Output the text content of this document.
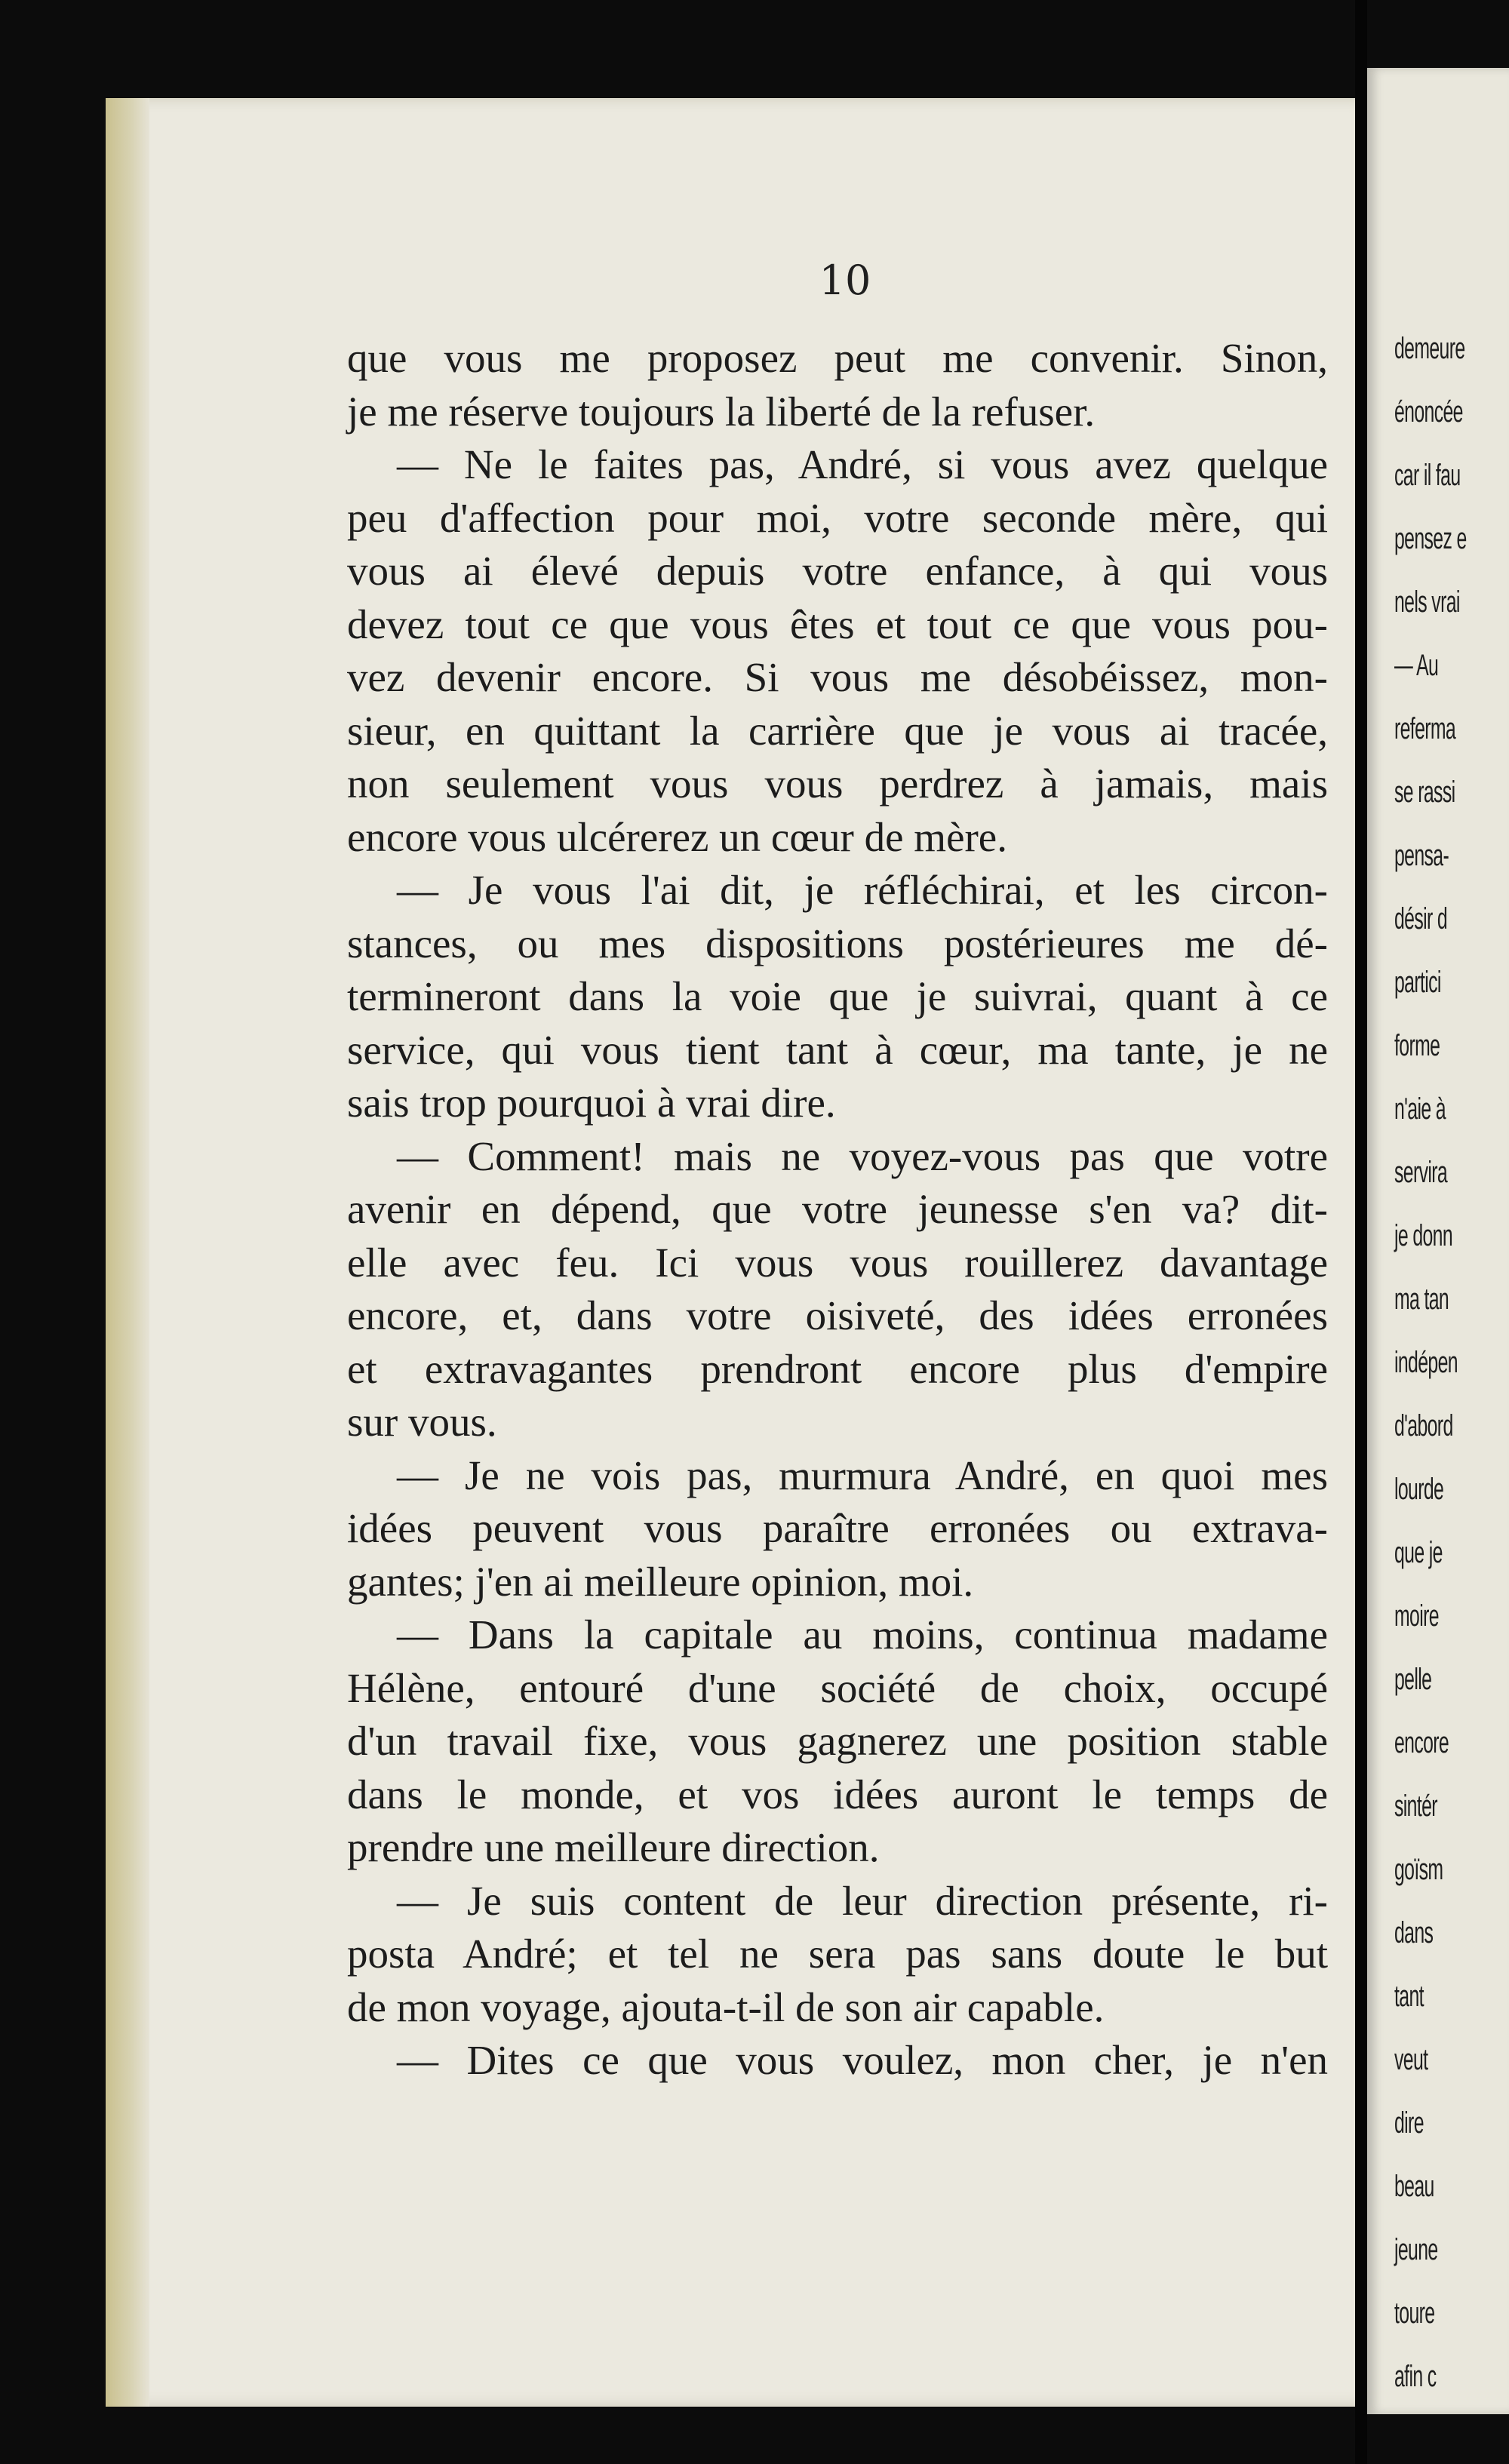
10
que vous me proposez peut me convenir. Sinon,
je me réserve toujours la liberté de la refuser.
— Ne le faites pas, André, si vous avez quelque
peu d'affection pour moi, votre seconde mère, qui
vous ai élevé depuis votre enfance, à qui vous
devez tout ce que vous êtes et tout ce que vous pou-
vez devenir encore. Si vous me désobéissez, mon-
sieur, en quittant la carrière que je vous ai tracée,
non seulement vous vous perdrez à jamais, mais
encore vous ulcérerez un cœur de mère.
— Je vous l'ai dit, je réfléchirai, et les circon-
stances, ou mes dispositions postérieures me dé-
termineront dans la voie que je suivrai, quant à ce
service, qui vous tient tant à cœur, ma tante, je ne
sais trop pourquoi à vrai dire.
— Comment! mais ne voyez-vous pas que votre
avenir en dépend, que votre jeunesse s'en va? dit-
elle avec feu. Ici vous vous rouillerez davantage
encore, et, dans votre oisiveté, des idées erronées
et extravagantes prendront encore plus d'empire
sur vous.
— Je ne vois pas, murmura André, en quoi mes
idées peuvent vous paraître erronées ou extrava-
gantes; j'en ai meilleure opinion, moi.
— Dans la capitale au moins, continua madame
Hélène, entouré d'une société de choix, occupé
d'un travail fixe, vous gagnerez une position stable
dans le monde, et vos idées auront le temps de
prendre une meilleure direction.
— Je suis content de leur direction présente, ri-
posta André; et tel ne sera pas sans doute le but
de mon voyage, ajouta-t-il de son air capable.
— Dites ce que vous voulez, mon cher, je n'en
demeure
énoncée
car il fau
pensez e
nels vrai
— Au
referma
se rassi
pensa-
désir d
partici
forme
n'aie à
servira
je donn
ma tan
indépen
d'abord
lourde
que je
moire
pelle
encore
sintér
goïsm
dans
tant
veut
dire
beau
jeune
toure
afin c
